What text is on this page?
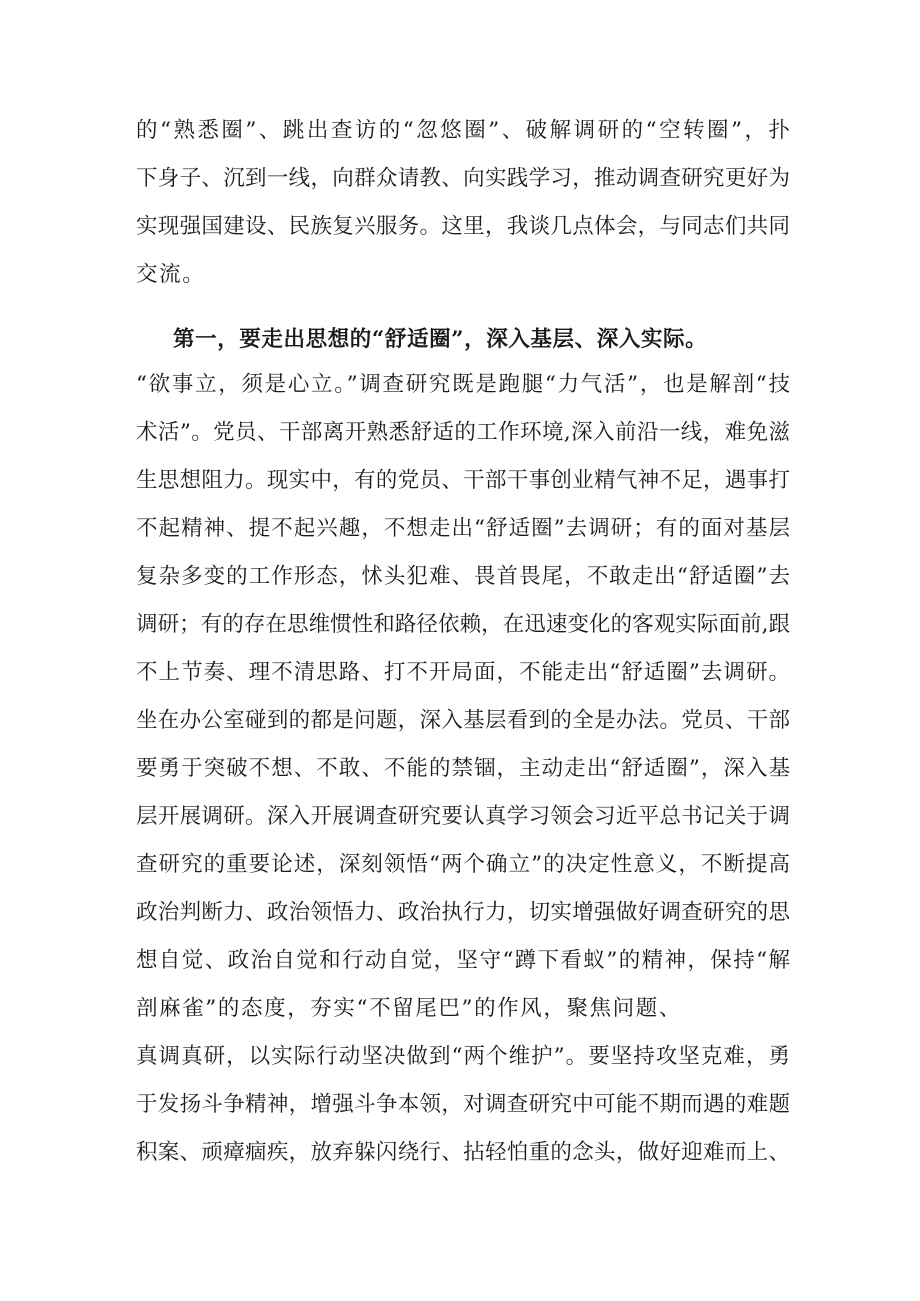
的“熟悉圈”、跳出查访的“忽悠圈”、破解调研的“空转圈”，扑
下身子、沉到一线，向群众请教、向实践学习，推动调查研究更好为
实现强国建设、民族复兴服务。这里，我谈几点体会，与同志们共同
交流。
第一，要走出思想的“舒适圈”，深入基层、深入实际。
“欲事立，须是心立。”调查研究既是跑腿“力气活”，也是解剖“技
术活”。党员、干部离开熟悉舒适的工作环境,深入前沿一线，难免滋
生思想阻力。现实中，有的党员、干部干事创业精气神不足，遇事打
不起精神、提不起兴趣，不想走出“舒适圈”去调研；有的面对基层
复杂多变的工作形态，怵头犯难、畏首畏尾，不敢走出“舒适圈”去
调研；有的存在思维惯性和路径依赖，在迅速变化的客观实际面前,跟
不上节奏、理不清思路、打不开局面，不能走出“舒适圈”去调研。
坐在办公室碰到的都是问题，深入基层看到的全是办法。党员、干部
要勇于突破不想、不敢、不能的禁锢，主动走出“舒适圈”，深入基
层开展调研。深入开展调查研究要认真学习领会习近平总书记关于调
查研究的重要论述，深刻领悟“两个确立”的决定性意义，不断提高
政治判断力、政治领悟力、政治执行力，切实增强做好调查研究的思
想自觉、政治自觉和行动自觉，坚守“蹲下看蚁”的精神，保持“解
剖麻雀”的态度，夯实“不留尾巴”的作风，聚焦问题、
真调真研，以实际行动坚决做到“两个维护”。要坚持攻坚克难，勇
于发扬斗争精神，增强斗争本领，对调查研究中可能不期而遇的难题
积案、顽瘴痼疾，放弃躲闪绕行、拈轻怕重的念头，做好迎难而上、
